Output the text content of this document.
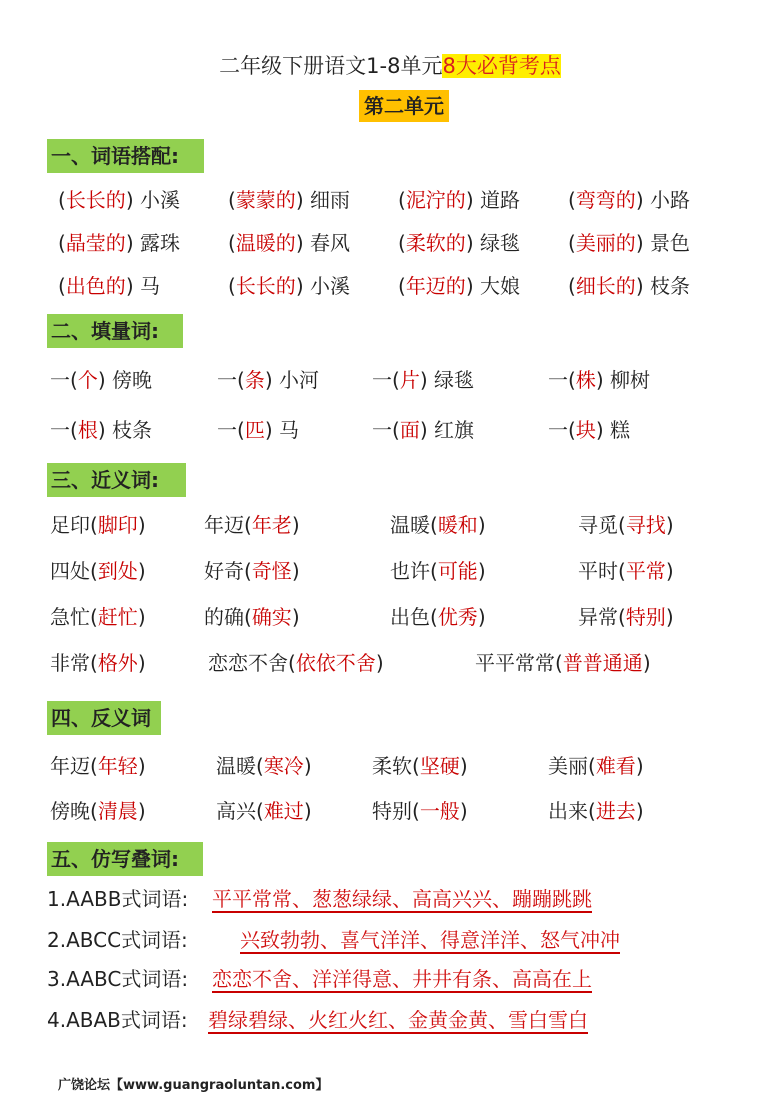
二年级下册语文1-8单元8大必背考点
第二单元
一、词语搭配:
二、填量词:
三、近义词:
四、反义词
五、仿写叠词:
(长长的) 小溪 (蒙蒙的) 细雨 (泥泞的) 道路 (弯弯的) 小路
(晶莹的) 露珠 (温暖的) 春风 (柔软的) 绿毯 (美丽的) 景色
(出色的) 马	(长长的) 小溪 (年迈的) 大娘 (细长的) 枝条
一(个) 傍晚	一(条) 小河	一(片) 绿毯	一(株) 柳树
一(根) 枝条	一(匹) 马	一(面) 红旗	一(块) 糕
足印(脚印)	年迈(年老)	温暖(暖和)	寻觅(寻找)
四处(到处)	好奇(奇怪)	也许(可能)	平时(平常)
急忙(赶忙)	的确(确实)	出色(优秀)	异常(特别)
非常(格外)	恋恋不舍(依依不舍)	平平常常(普普通通)
年迈(年轻)	温暖(寒冷)	柔软(坚硬)	美丽(难看)
傍晚(清晨)	高兴(难过)	特别(一般)	出来(进去)
1.AABB式词语: 平平常常、葱葱绿绿、高高兴兴、蹦蹦跳跳
2.ABCC式词语:	兴致勃勃、喜气洋洋、得意洋洋、怒气冲冲
3.AABC式词语: 恋恋不舍、洋洋得意、井井有条、高高在上
4.ABAB式词语: 碧绿碧绿、火红火红、金黄金黄、雪白雪白
广饶论坛【www.guangraoluntan.com】
